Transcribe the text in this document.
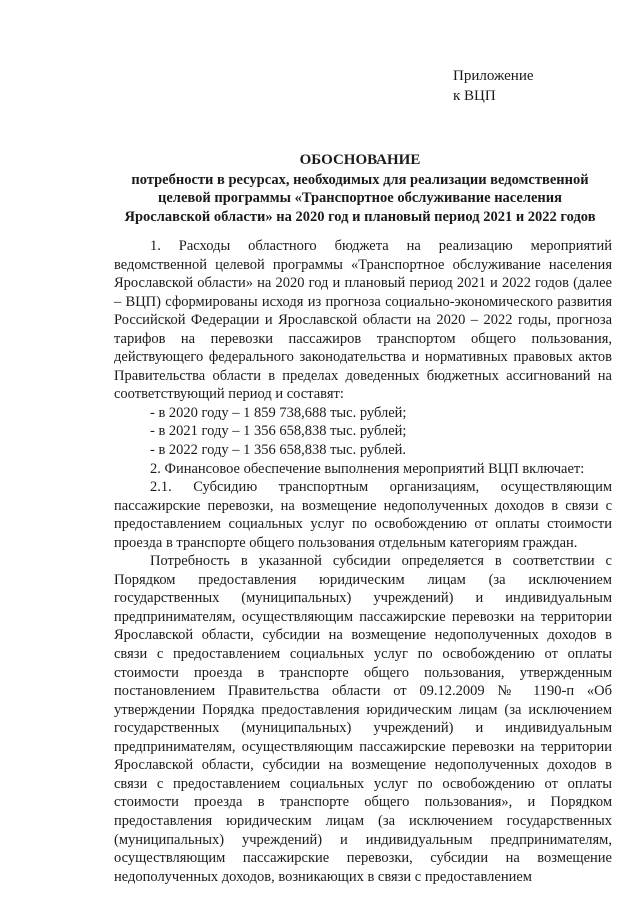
Приложение
к ВЦП
ОБОСНОВАНИЕ
потребности в ресурсах, необходимых для реализации ведомственной
целевой программы «Транспортное обслуживание населения
Ярославской области» на 2020 год и плановый период 2021 и 2022 годов

1. Расходы областного бюджета на реализацию мероприятий ведомственной целевой программы «Транспортное обслуживание населения Ярославской области» на 2020 год и плановый период 2021 и 2022 годов (далее – ВЦП) сформированы исходя из прогноза социально-экономического развития Российской Федерации и Ярославской области на 2020 – 2022 годы, прогноза тарифов на перевозки пассажиров транспортом общего пользования, действующего федерального законодательства и нормативных правовых актов Правительства области в пределах доведенных бюджетных ассигнований на соответствующий период и составят:

- в 2020 году – 1 859 738,688 тыс. рублей;

- в 2021 году – 1 356 658,838 тыс. рублей;

- в 2022 году – 1 356 658,838 тыс. рублей.

2. Финансовое обеспечение выполнения мероприятий ВЦП включает:

2.1. Субсидию транспортным организациям, осуществляющим пассажирские перевозки, на возмещение недополученных доходов в связи с предоставлением социальных услуг по освобождению от оплаты стоимости проезда в транспорте общего пользования отдельным категориям граждан.

Потребность в указанной субсидии определяется в соответствии с Порядком предоставления юридическим лицам (за исключением государственных (муниципальных) учреждений) и индивидуальным предпринимателям, осуществляющим пассажирские перевозки на территории Ярославской области, субсидии на возмещение недополученных доходов в связи с предоставлением социальных услуг по освобождению от оплаты стоимости проезда в транспорте общего пользования, утвержденным постановлением Правительства области от 09.12.2009 № 1190-п «Об утверждении Порядка предоставления юридическим лицам (за исключением государственных (муниципальных) учреждений) и индивидуальным предпринимателям, осуществляющим пассажирские перевозки на территории Ярославской области, субсидии на возмещение недополученных доходов в связи с предоставлением социальных услуг по освобождению от оплаты стоимости проезда в транспорте общего пользования», и Порядком предоставления юридическим лицам (за исключением государственных (муниципальных) учреждений) и индивидуальным предпринимателям, осуществляющим пассажирские перевозки, субсидии на возмещение недополученных доходов, возникающих в связи с предоставлением
